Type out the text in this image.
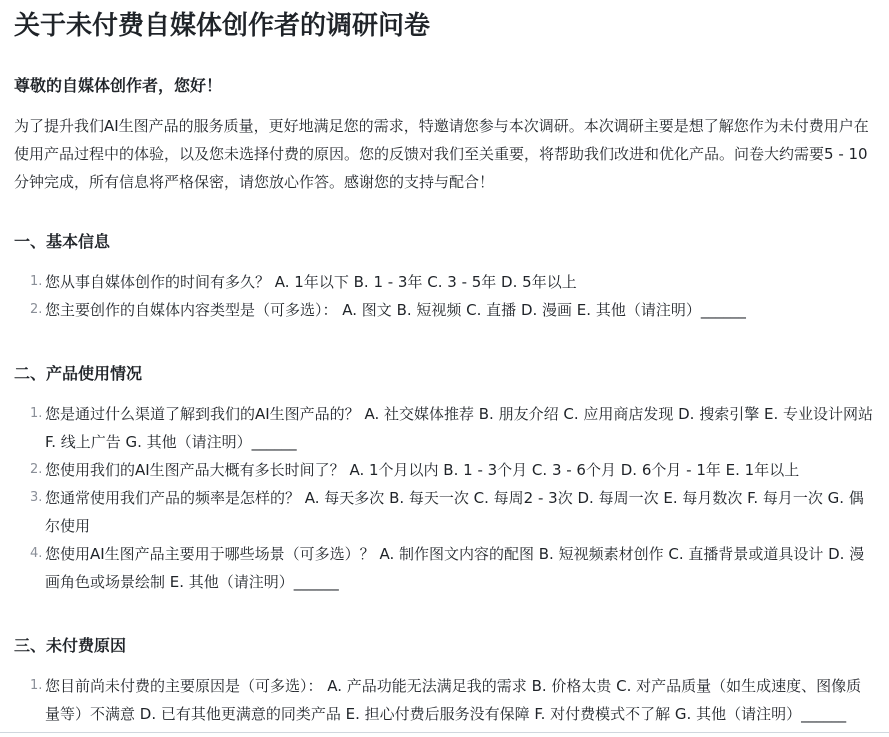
关于未付费自媒体创作者的调研问卷

尊敬的自媒体创作者，您好！

为了提升我们AI生图产品的服务质量，更好地满足您的需求，特邀请您参与本次调研。本次调研主要是想了解您作为未付费用户在使用产品过程中的体验，以及您未选择付费的原因。您的反馈对我们至关重要，将帮助我们改进和优化产品。问卷大约需要5 - 10分钟完成，所有信息将严格保密，请您放心作答。感谢您的支持与配合！

一、基本信息
1. 您从事自媒体创作的时间有多久？ A. 1年以下 B. 1 - 3年 C. 3 - 5年 D. 5年以上
2. 您主要创作的自媒体内容类型是（可多选）： A. 图文 B. 短视频 C. 直播 D. 漫画 E. 其他（请注明）______
二、产品使用情况
1. 您是通过什么渠道了解到我们的AI生图产品的？ A. 社交媒体推荐 B. 朋友介绍 C. 应用商店发现 D. 搜索引擎 E. 专业设计网站 F. 线上广告 G. 其他（请注明）______
2. 您使用我们的AI生图产品大概有多长时间了？ A. 1个月以内 B. 1 - 3个月 C. 3 - 6个月 D. 6个月 - 1年 E. 1年以上
3. 您通常使用我们产品的频率是怎样的？ A. 每天多次 B. 每天一次 C. 每周2 - 3次 D. 每周一次 E. 每月数次 F. 每月一次 G. 偶尔使用
4. 您使用AI生图产品主要用于哪些场景（可多选）？ A. 制作图文内容的配图 B. 短视频素材创作 C. 直播背景或道具设计 D. 漫画角色或场景绘制 E. 其他（请注明）______
三、未付费原因
1. 您目前尚未付费的主要原因是（可多选）： A. 产品功能无法满足我的需求 B. 价格太贵 C. 对产品质量（如生成速度、图像质量等）不满意 D. 已有其他更满意的同类产品 E. 担心付费后服务没有保障 F. 对付费模式不了解 G. 其他（请注明）______
